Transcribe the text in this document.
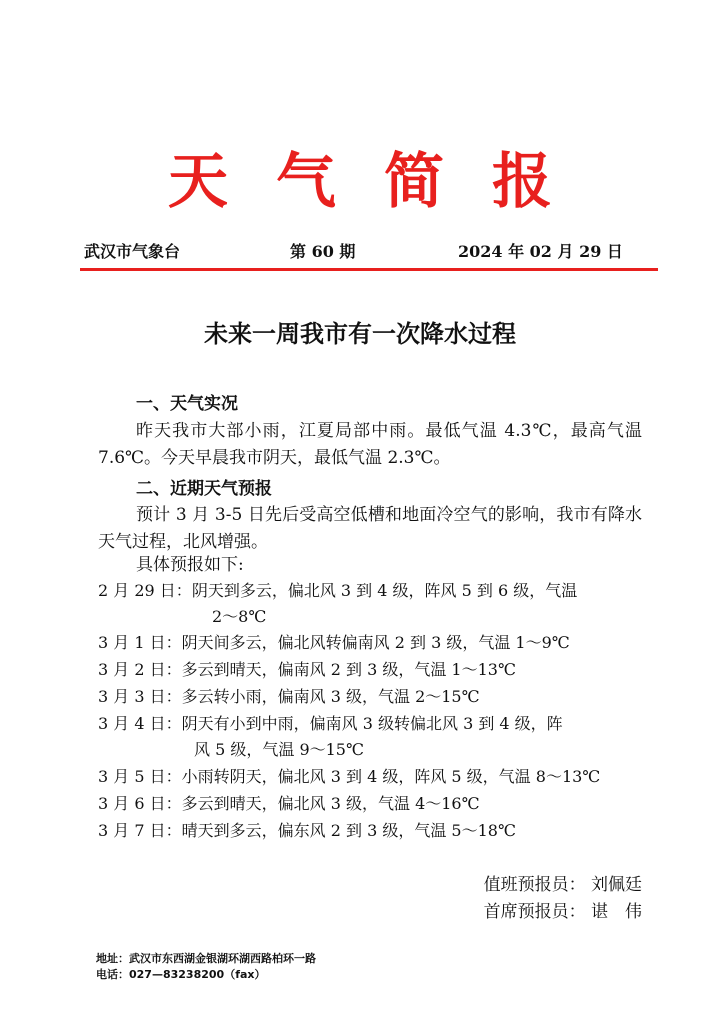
天气简报
武汉市气象台	第 60 期	2024 年 02 月 29 日
未来一周我市有一次降水过程
一、天气实况
昨天我市大部小雨，江夏局部中雨。最低气温 4.3℃，最高气温 7.6℃。今天早晨我市阴天，最低气温 2.3℃。
二、近期天气预报
预计 3 月 3-5 日先后受高空低槽和地面冷空气的影响，我市有降水天气过程，北风增强。
具体预报如下:
2 月 29 日：阴天到多云，偏北风 3 到 4 级，阵风 5 到 6 级，气温
2～8℃
3 月 1 日：阴天间多云，偏北风转偏南风 2 到 3 级，气温 1～9℃
3 月 2 日：多云到晴天，偏南风 2 到 3 级，气温 1～13℃
3 月 3 日：多云转小雨，偏南风 3 级，气温 2～15℃
3 月 4 日：阴天有小到中雨，偏南风 3 级转偏北风 3 到 4 级，阵
风 5 级，气温 9～15℃
3 月 5 日：小雨转阴天，偏北风 3 到 4 级，阵风 5 级，气温 8～13℃
3 月 6 日：多云到晴天，偏北风 3 级，气温 4～16℃
3 月 7 日：晴天到多云，偏东风 2 到 3 级，气温 5～18℃
值班预报员： 刘佩廷
首席预报员： 谌　伟
地址：武汉市东西湖金银湖环湖西路柏环一路
电话：027—83238200（fax）
